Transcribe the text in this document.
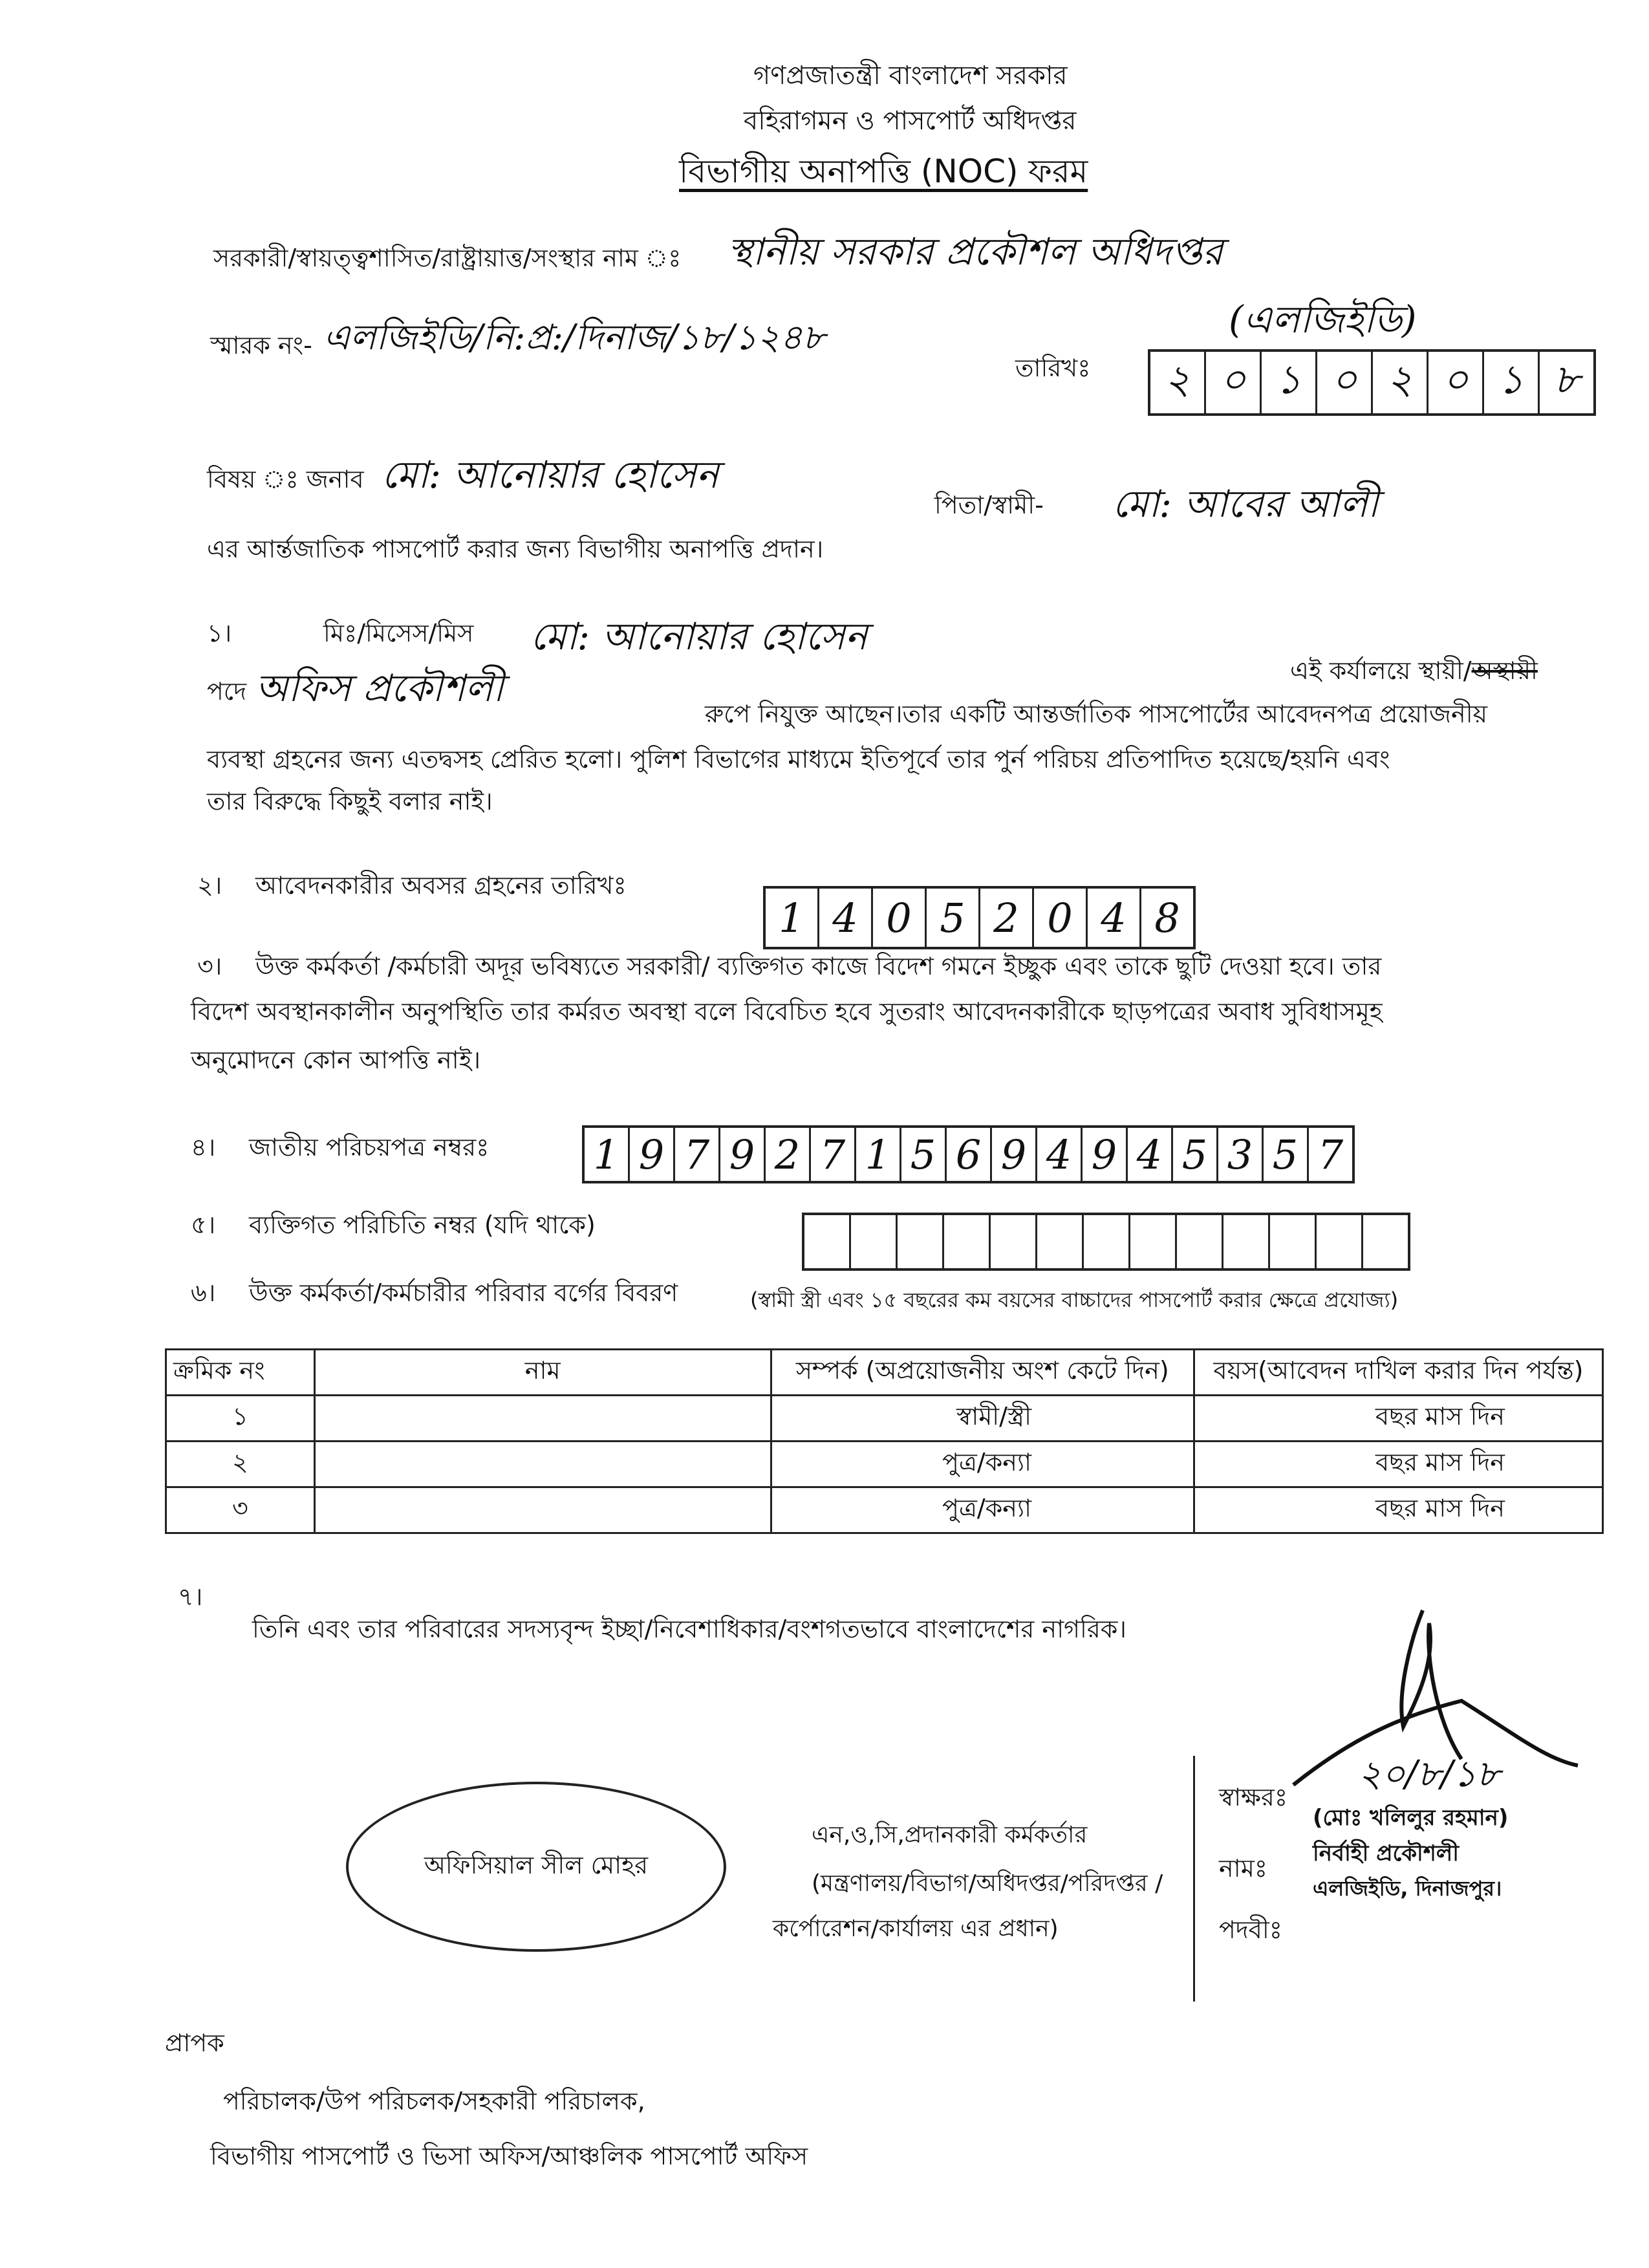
গণপ্রজাতন্ত্রী বাংলাদেশ সরকার
বহিরাগমন ও পাসপোর্ট অধিদপ্তর
বিভাগীয় অনাপত্তি (NOC) ফরম
সরকারী/স্বায়ত্ত্বশাসিত/রাষ্ট্রায়াত্ত/সংস্থার নাম ঃ স্থানীয় সরকার প্রকৌশল অধিদপ্তর
(এলজিইডি)
স্মারক নং- এলজিইডি/নি:প্র:/দিনাজ/১৮/১২৪৮
তারিখঃ	২ ০ ১ ০ ২ ০ ১ ৮
বিষয় ঃ জনাব মো: আনোয়ার হোসেন
পিতা/স্বামী- মো: আবের আলী
এর আর্ন্তজাতিক পাসপোর্ট করার জন্য বিভাগীয় অনাপত্তি প্রদান।
১।	মিঃ/মিসেস/মিস মো: আনোয়ার হোসেন
এই কর্যালয়ে স্থায়ী/অস্থায়ী
পদে অফিস প্রকৌশলী
রুপে নিযুক্ত আছেন।তার একটি আন্তর্জাতিক পাসপোর্টের আবেদনপত্র প্রয়োজনীয়
ব্যবস্থা গ্রহনের জন্য এতদ্বসহ প্রেরিত হলো। পুলিশ বিভাগের মাধ্যমে ইতিপূর্বে তার পুর্ন পরিচয় প্রতিপাদিত হয়েছে/হয়নি এবং
তার বিরুদ্ধে কিছুই বলার নাই।
২। আবেদনকারীর অবসর গ্রহনের তারিখঃ
1 4 0 5 2 0 4 8
৩। উক্ত কর্মকর্তা /কর্মচারী অদূর ভবিষ্যতে সরকারী/ ব্যক্তিগত কাজে বিদেশ গমনে ইচ্ছুক এবং তাকে ছুটি দেওয়া হবে। তার
বিদেশ অবস্থানকালীন অনুপস্থিতি তার কর্মরত অবস্থা বলে বিবেচিত হবে সুতরাং আবেদনকারীকে ছাড়পত্রের অবাধ সুবিধাসমূহ
অনুমোদনে কোন আপত্তি নাই।
৪। জাতীয় পরিচয়পত্র নম্বরঃ	1 9 7 9 2 7 1 5 6 9 4 9 4 5 3 5 7
৫। ব্যক্তিগত পরিচিতি নম্বর (যদি থাকে)
৬। উক্ত কর্মকর্তা/কর্মচারীর পরিবার বর্গের বিবরণ	(স্বামী স্ত্রী এবং ১৫ বছরের কম বয়সের বাচ্চাদের পাসপোর্ট করার ক্ষেত্রে প্রযোজ্য)
ক্রমিক নং	নাম	সম্পর্ক (অপ্রয়োজনীয় অংশ কেটে দিন)	বয়স(আবেদন দাখিল করার দিন পর্যন্ত)
১		স্বামী/স্ত্রী	বছর মাস দিন
২		পুত্র/কন্যা	বছর মাস দিন
৩		পুত্র/কন্যা	বছর মাস দিন
৭।
তিনি এবং তার পরিবারের সদস্যবৃন্দ ইচ্ছা/নিবেশাধিকার/বংশগতভাবে বাংলাদেশের নাগরিক।
অফিসিয়াল সীল মোহর
এন,ও,সি,প্রদানকারী কর্মকর্তার
(মন্ত্রণালয়/বিভাগ/অধিদপ্তর/পরিদপ্তর /
কর্পোরেশন/কার্যালয় এর প্রধান)
স্বাক্ষরঃ
২০/৮/১৮
(মোঃ খলিলুর রহমান)
নির্বাহী প্রকৌশলী
এলজিইডি, দিনাজপুর।
নামঃ
পদবীঃ
প্রাপক
পরিচালক/উপ পরিচলক/সহকারী পরিচালক,
বিভাগীয় পাসপোর্ট ও ভিসা অফিস/আঞ্চলিক পাসপোর্ট অফিস
